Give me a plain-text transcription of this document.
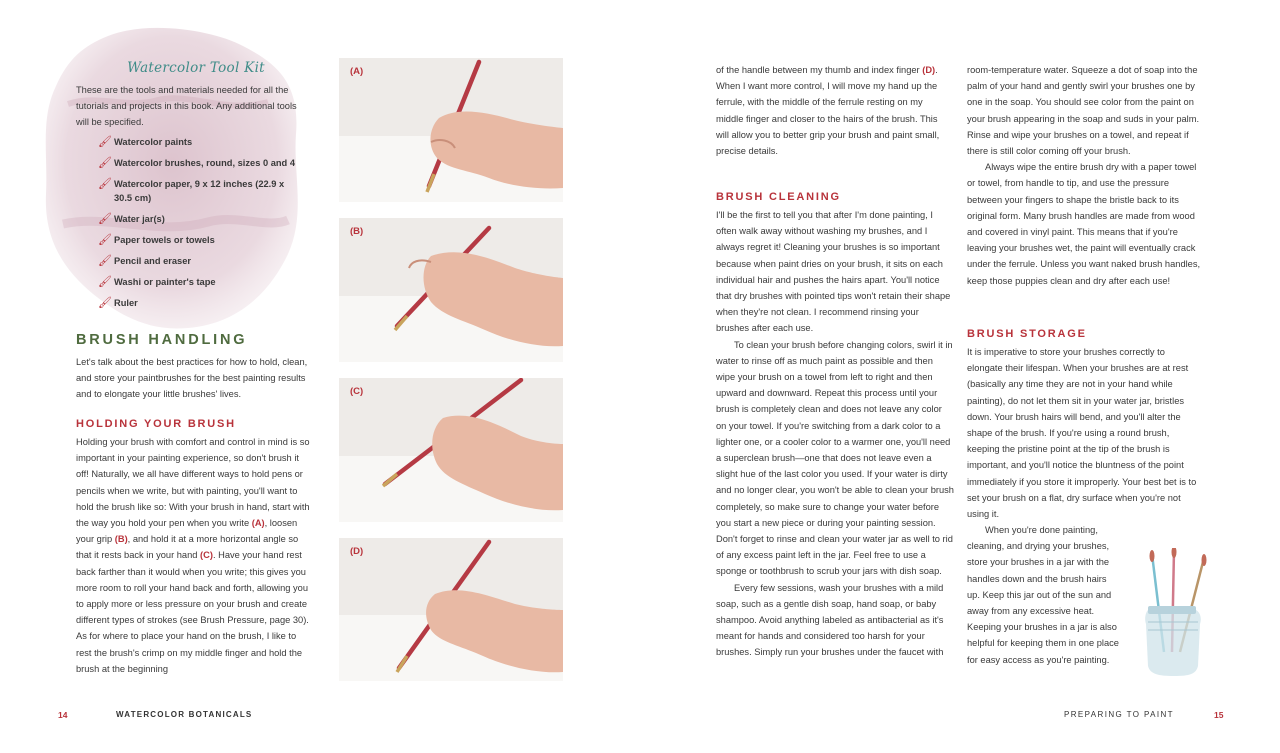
Watercolor Tool Kit

These are the tools and materials needed for all the tutorials and projects in this book. Any additional tools will be specified.

🖌 Watercolor paints
🖌 Watercolor brushes, round, sizes 0 and 4
🖌 Watercolor paper, 9 x 12 inches (22.9 x 30.5 cm)
🖌 Water jar(s)
🖌 Paper towels or towels
🖌 Pencil and eraser
🖌 Washi or painter's tape
🖌 Ruler
BRUSH HANDLING

Let's talk about the best practices for how to hold, clean, and store your paintbrushes for the best painting results and to elongate your little brushes' lives.

HOLDING YOUR BRUSH

Holding your brush with comfort and control in mind is so important in your painting experience, so don't brush it off! Naturally, we all have different ways to hold pens or pencils when we write, but with painting, you'll want to hold the brush like so: With your brush in hand, start with the way you hold your pen when you write (A), loosen your grip (B), and hold it at a more horizontal angle so that it rests back in your hand (C). Have your hand rest back farther than it would when you write; this gives you more room to roll your hand back and forth, allowing you to apply more or less pressure on your brush and create different types of strokes (see Brush Pressure, page 30). As for where to place your hand on the brush, I like to rest the brush's crimp on my middle finger and hold the brush at the beginning

(A)
(B)
(C)
(D)
14	WATERCOLOR BOTANICALS

of the handle between my thumb and index finger (D). When I want more control, I will move my hand up the ferrule, with the middle of the ferrule resting on my middle finger and closer to the hairs of the brush. This will allow you to better grip your brush and paint small, precise details.

BRUSH CLEANING

I'll be the first to tell you that after I'm done painting, I often walk away without washing my brushes, and I always regret it! Cleaning your brushes is so important because when paint dries on your brush, it sits on each individual hair and pushes the hairs apart. You'll notice that dry brushes with pointed tips won't retain their shape when they're not clean. I recommend rinsing your brushes after each use.

To clean your brush before changing colors, swirl it in water to rinse off as much paint as possible and then wipe your brush on a towel from left to right and then upward and downward. Repeat this process until your brush is completely clean and does not leave any color on your towel. If you're switching from a dark color to a lighter one, or a cooler color to a warmer one, you'll need a superclean brush—one that does not leave even a slight hue of the last color you used. If your water is dirty and no longer clear, you won't be able to clean your brush completely, so make sure to change your water before you start a new piece or during your painting session. Don't forget to rinse and clean your water jar as well to rid of any excess paint left in the jar. Feel free to use a sponge or toothbrush to scrub your jars with dish soap.

Every few sessions, wash your brushes with a mild soap, such as a gentle dish soap, hand soap, or baby shampoo. Avoid anything labeled as antibacterial as it's meant for hands and considered too harsh for your brushes. Simply run your brushes under the faucet with

room-temperature water. Squeeze a dot of soap into the palm of your hand and gently swirl your brushes one by one in the soap. You should see color from the paint on your brush appearing in the soap and suds in your palm. Rinse and wipe your brushes on a towel, and repeat if there is still color coming off your brush.

Always wipe the entire brush dry with a paper towel or towel, from handle to tip, and use the pressure between your fingers to shape the bristle back to its original form. Many brush handles are made from wood and covered in vinyl paint. This means that if you're leaving your brushes wet, the paint will eventually crack under the ferrule. Unless you want naked brush handles, keep those puppies clean and dry after each use!

BRUSH STORAGE

It is imperative to store your brushes correctly to elongate their lifespan. When your brushes are at rest (basically any time they are not in your hand while painting), do not let them sit in your water jar, bristles down. Your brush hairs will bend, and you'll alter the shape of the brush. If you're using a round brush, keeping the pristine point at the tip of the brush is important, and you'll notice the bluntness of the point immediately if you store it improperly. Your best bet is to set your brush on a flat, dry surface when you're not using it.

When you're done painting, cleaning, and drying your brushes, store your brushes in a jar with the handles down and the brush hairs up. Keep this jar out of the sun and away from any excessive heat. Keeping your brushes in a jar is also helpful for keeping them in one place for easy access as you're painting.

PREPARING TO PAINT	15
